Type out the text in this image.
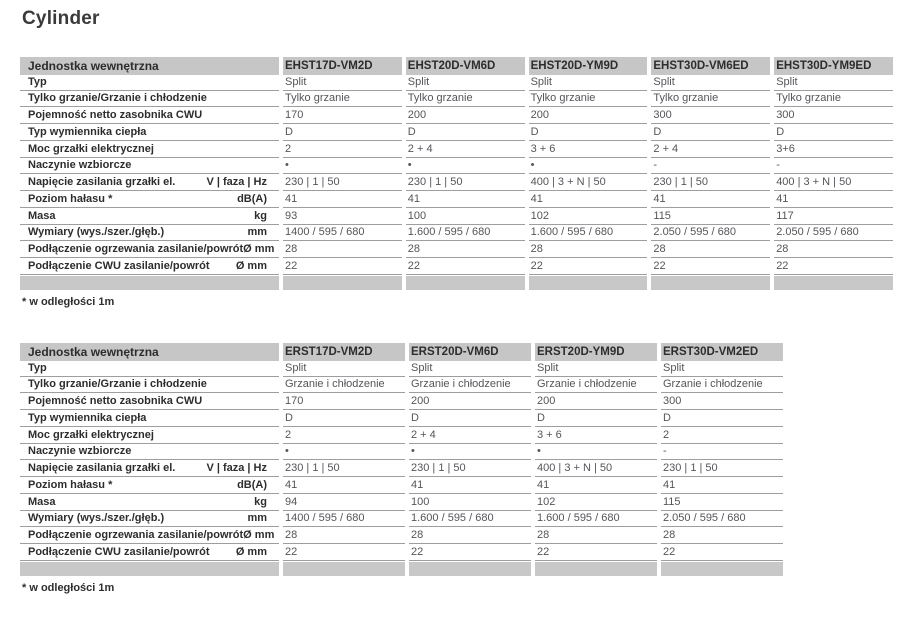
Cylinder
Jednostka wewnętrzna	EHST17D-VM2D	EHST20D-VM6D	EHST20D-YM9D	EHST30D-VM6ED	EHST30D-YM9ED
Typ	Split	Split	Split	Split	Split
Tylko grzanie/Grzanie i chłodzenie	Tylko grzanie	Tylko grzanie	Tylko grzanie	Tylko grzanie	Tylko grzanie
Pojemność netto zasobnika CWU	170	200	200	300	300
Typ wymiennika ciepła	D	D	D	D	D
Moc grzałki elektrycznej	2	2 + 4	3 + 6	2 + 4	3+6
Naczynie wzbiorcze	•	•	•	-	-
Napięcie zasilania grzałki el.	V | faza | Hz	230 | 1 | 50	230 | 1 | 50	400 | 3 + N | 50	230 | 1 | 50	400 | 3 + N | 50
Poziom hałasu *	dB(A)	41	41	41	41	41
Masa	kg	93	100	102	115	117
Wymiary (wys./szer./głęb.)	mm	1400 / 595 / 680	1.600 / 595 / 680	1.600 / 595 / 680	2.050 / 595 / 680	2.050 / 595 / 680
Podłączenie ogrzewania zasilanie/powrót Ø mm 28	28	28	28	28
Podłączenie CWU zasilanie/powrót Ø mm	22	22	22	22	22
* w odległości 1m
Jednostka wewnętrzna	ERST17D-VM2D	ERST20D-VM6D	ERST20D-YM9D	ERST30D-VM2ED
Typ	Split	Split	Split	Split
Tylko grzanie/Grzanie i chłodzenie	Grzanie i chłodzenie	Grzanie i chłodzenie	Grzanie i chłodzenie	Grzanie i chłodzenie
Pojemność netto zasobnika CWU	170	200	200	300
Typ wymiennika ciepła	D	D	D	D
Moc grzałki elektrycznej	2	2 + 4	3 + 6	2
Naczynie wzbiorcze	•	•	•	-
Napięcie zasilania grzałki el.	V | faza | Hz	230 | 1 | 50	230 | 1 | 50	400 | 3 + N | 50	230 | 1 | 50
Poziom hałasu *	dB(A)	41	41	41	41
Masa	kg	94	100	102	115
Wymiary (wys./szer./głęb.)	mm	1400 / 595 / 680	1.600 / 595 / 680	1.600 / 595 / 680	2.050 / 595 / 680
Podłączenie ogrzewania zasilanie/powrót Ø mm 28	28	28	28
Podłączenie CWU zasilanie/powrót Ø mm	22	22	22	22
* w odległości 1m
